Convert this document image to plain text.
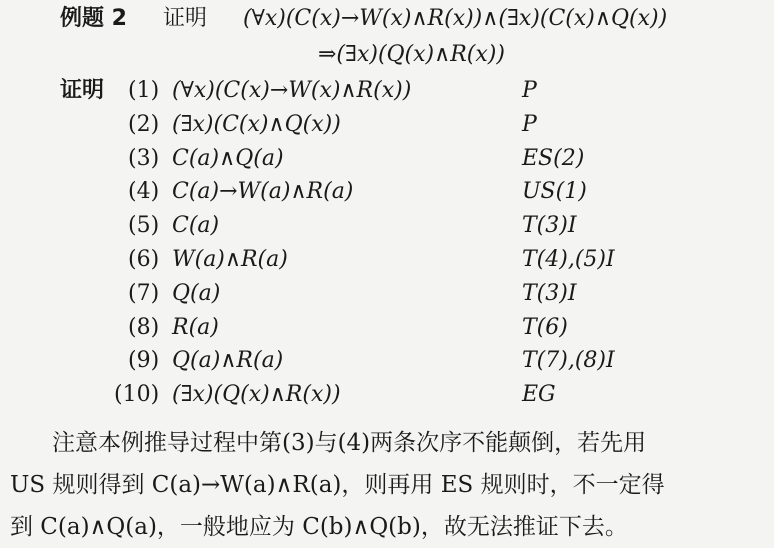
例题 2 证明 (∀x)(C(x)→W(x)∧R(x))∧(∃x)(C(x)∧Q(x))
⇒(∃x)(Q(x)∧R(x))
证明 (1) (∀x)(C(x)→W(x)∧R(x))	P
(2) (∃x)(C(x)∧Q(x))	P
(3) C(a)∧Q(a)	ES(2)
(4) C(a)→W(a)∧R(a)	US(1)
(5) C(a)	T(3)I
(6) W(a)∧R(a)	T(4),(5)I
(7) Q(a)	T(3)I
(8) R(a)	T(6)
(9) Q(a)∧R(a)	T(7),(8)I
(10) (∃x)(Q(x)∧R(x))	EG
注意本例推导过程中第(3)与(4)两条次序不能颠倒，若先用
US 规则得到 C(a)→W(a)∧R(a)，则再用 ES 规则时，不一定得
到 C(a)∧Q(a)，一般地应为 C(b)∧Q(b)，故无法推证下去。
